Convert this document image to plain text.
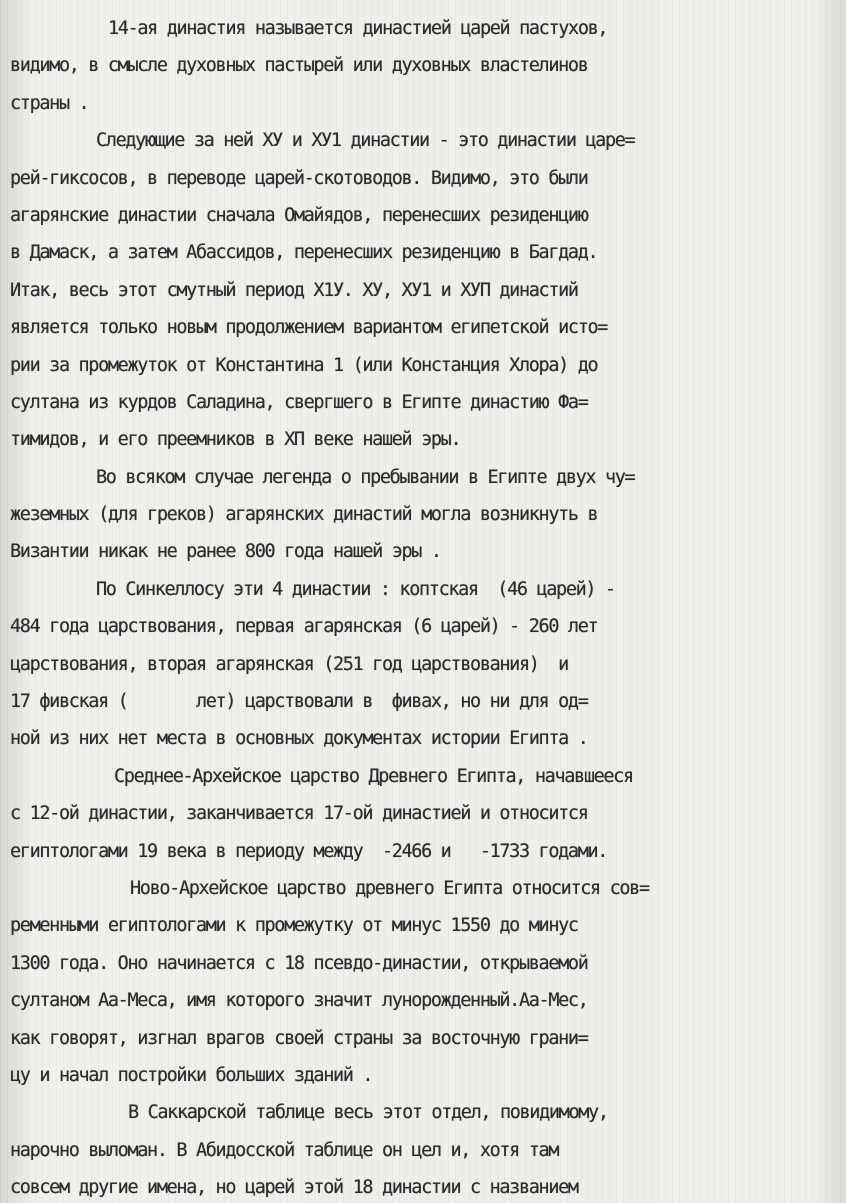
14-ая династия называется династией царей пастухов,
видимо, в смысле духовных пастырей или духовных властелинов
страны .
Следующие за ней ХУ и ХУ1 династии - это династии царе=
рей-гиксосов, в переводе царей-скотоводов. Видимо, это были
агарянские династии сначала Омайядов, перенесших резиденцию
в Дамаск, а затем Абассидов, перенесших резиденцию в Багдад.
Итак, весь этот смутный период Х1У. ХУ, ХУ1 и ХУП династий
является только новым продолжением вариантом египетской исто=
рии за промежуток от Константина 1 (или Констанция Хлора) до
султана из курдов Саладина, свергшего в Египте династию Фа=
тимидов, и его преемников в ХП веке нашей эры.
Во всяком случае легенда о пребывании в Египте двух чу=
жеземных (для греков) агарянских династий могла возникнуть в
Византии никак не ранее 800 года нашей эры .
По Синкеллосу эти 4 династии : коптская  (46 царей) -
484 года царствования, первая агарянская (6 царей) - 260 лет
царствования, вторая агарянская (251 год царствования)  и
17 фивская (       лет) царствовали в  фивах, но ни для од=
ной из них нет места в основных документах истории Египта .
Среднее-Архейское царство Древнего Египта, начавшееся
с 12-ой династии, заканчивается 17-ой династией и относится
египтологами 19 века в периоду между  -2466 и   -1733 годами.
Ново-Архейское царство древнего Египта относится сов=
ременными египтологами к промежутку от минус 1550 до минус
1300 года. Оно начинается с 18 псевдо-династии, открываемой
султаном Аа-Меса, имя которого значит лунорожденный.Аа-Мес,
как говорят, изгнал врагов своей страны за восточную грани=
цу и начал постройки больших зданий .
В Саккарской таблице весь этот отдел, повидимому,
нарочно выломан. В Абидосской таблице он цел и, хотя там
совсем другие имена, но царей этой 18 династии с названием
